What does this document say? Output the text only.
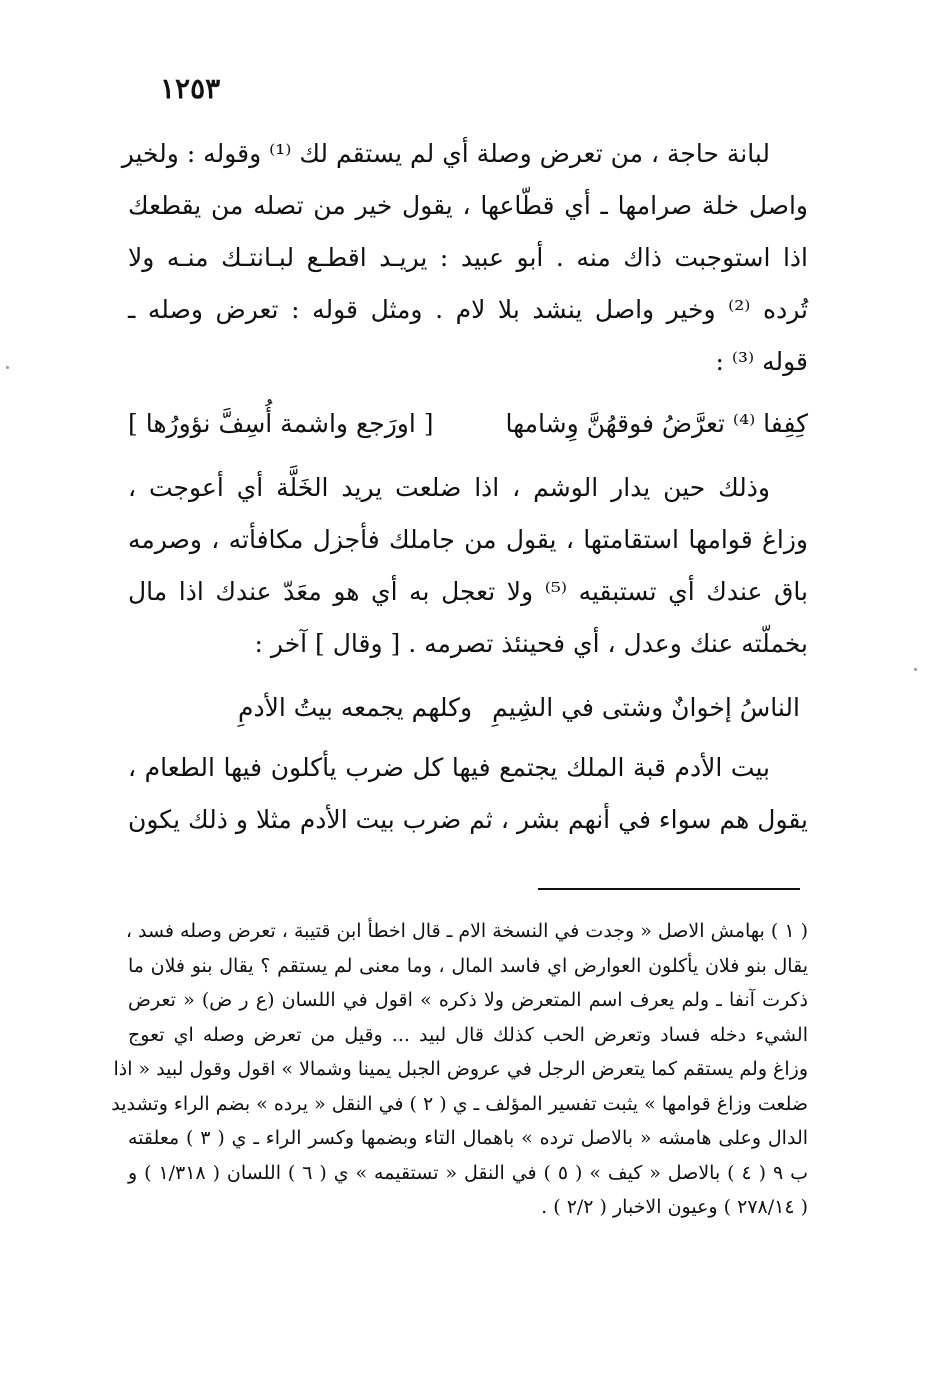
١٢٥٣
لبانة حاجة ، من تعرض وصلة أي لم يستقم لك ⁽¹⁾ وقوله : ولخير
واصل خلة صرامها ـ أي قطّاعها ، يقول خير من تصله من يقطعك
اذا استوجبت ذاك منه . أبو عبيد : يريـد اقطـع لبـانتـك منـه ولا
تُرده ⁽²⁾ وخير واصل ينشد بلا لام . ومثل قوله : تعرض وصله ـ
قوله ⁽³⁾ :
كِفِفا ⁽⁴⁾ تعرَّضُ فوقهُنَّ وِشامها
[ اورَجع واشمة أُسِفَّ نؤورُها ]
وذلك حين يدار الوشم ، اذا ضلعت يريد الخَلَّة أي أعوجت ،
وزاغ قوامها استقامتها ، يقول من جاملك فأجزل مكافأته ، وصرمه
باق عندك أي تستبقيه ⁽⁵⁾ ولا تعجل به أي هو معَدّ عندك اذا مال
بخملّته عنك وعدل ، أي فحينئذ تصرمه . [ وقال ] آخر :
الناسُ إخوانٌ وشتى في الشِيمِ
وكلهم يجمعه بيتُ الأدمِ
بيت الأدم قبة الملك يجتمع فيها كل ضرب يأكلون فيها الطعام ،
يقول هم سواء في أنهم بشر ، ثم ضرب بيت الأدم مثلا و ذلك يكون
( ١ ) بهامش الاصل « وجدت في النسخة الام ـ قال اخطأ ابن قتيبة ، تعرض وصله فسد ،
يقال بنو فلان يأكلون العوارض اي فاسد المال ، وما معنى لم يستقم ؟ يقال بنو فلان ما
ذكرت آنفا ـ ولم يعرف اسم المتعرض ولا ذكره » اقول في اللسان (ع ر ض) « تعرض
الشيء دخله فساد وتعرض الحب كذلك قال لبيد ... وقيل من تعرض وصله اي تعوج
وزاغ ولم يستقم كما يتعرض الرجل في عروض الجبل يمينا وشمالا » اقول وقول لبيد « اذا
ضلعت وزاغ قوامها » يثبت تفسير المؤلف ـ ي ( ٢ ) في النقل « يرده » بضم الراء وتشديد
الدال وعلى هامشه « بالاصل ترده » باهمال التاء وبضمها وكسر الراء ـ ي ( ٣ ) معلقته
ب ٩ ( ٤ ) بالاصل « كيف » ( ٥ ) في النقل « تستقيمه » ي ( ٦ ) اللسان ( ١/٣١٨ ) و
( ٢٧٨/١٤ ) وعيون الاخبار ( ٢/٢ ) .
